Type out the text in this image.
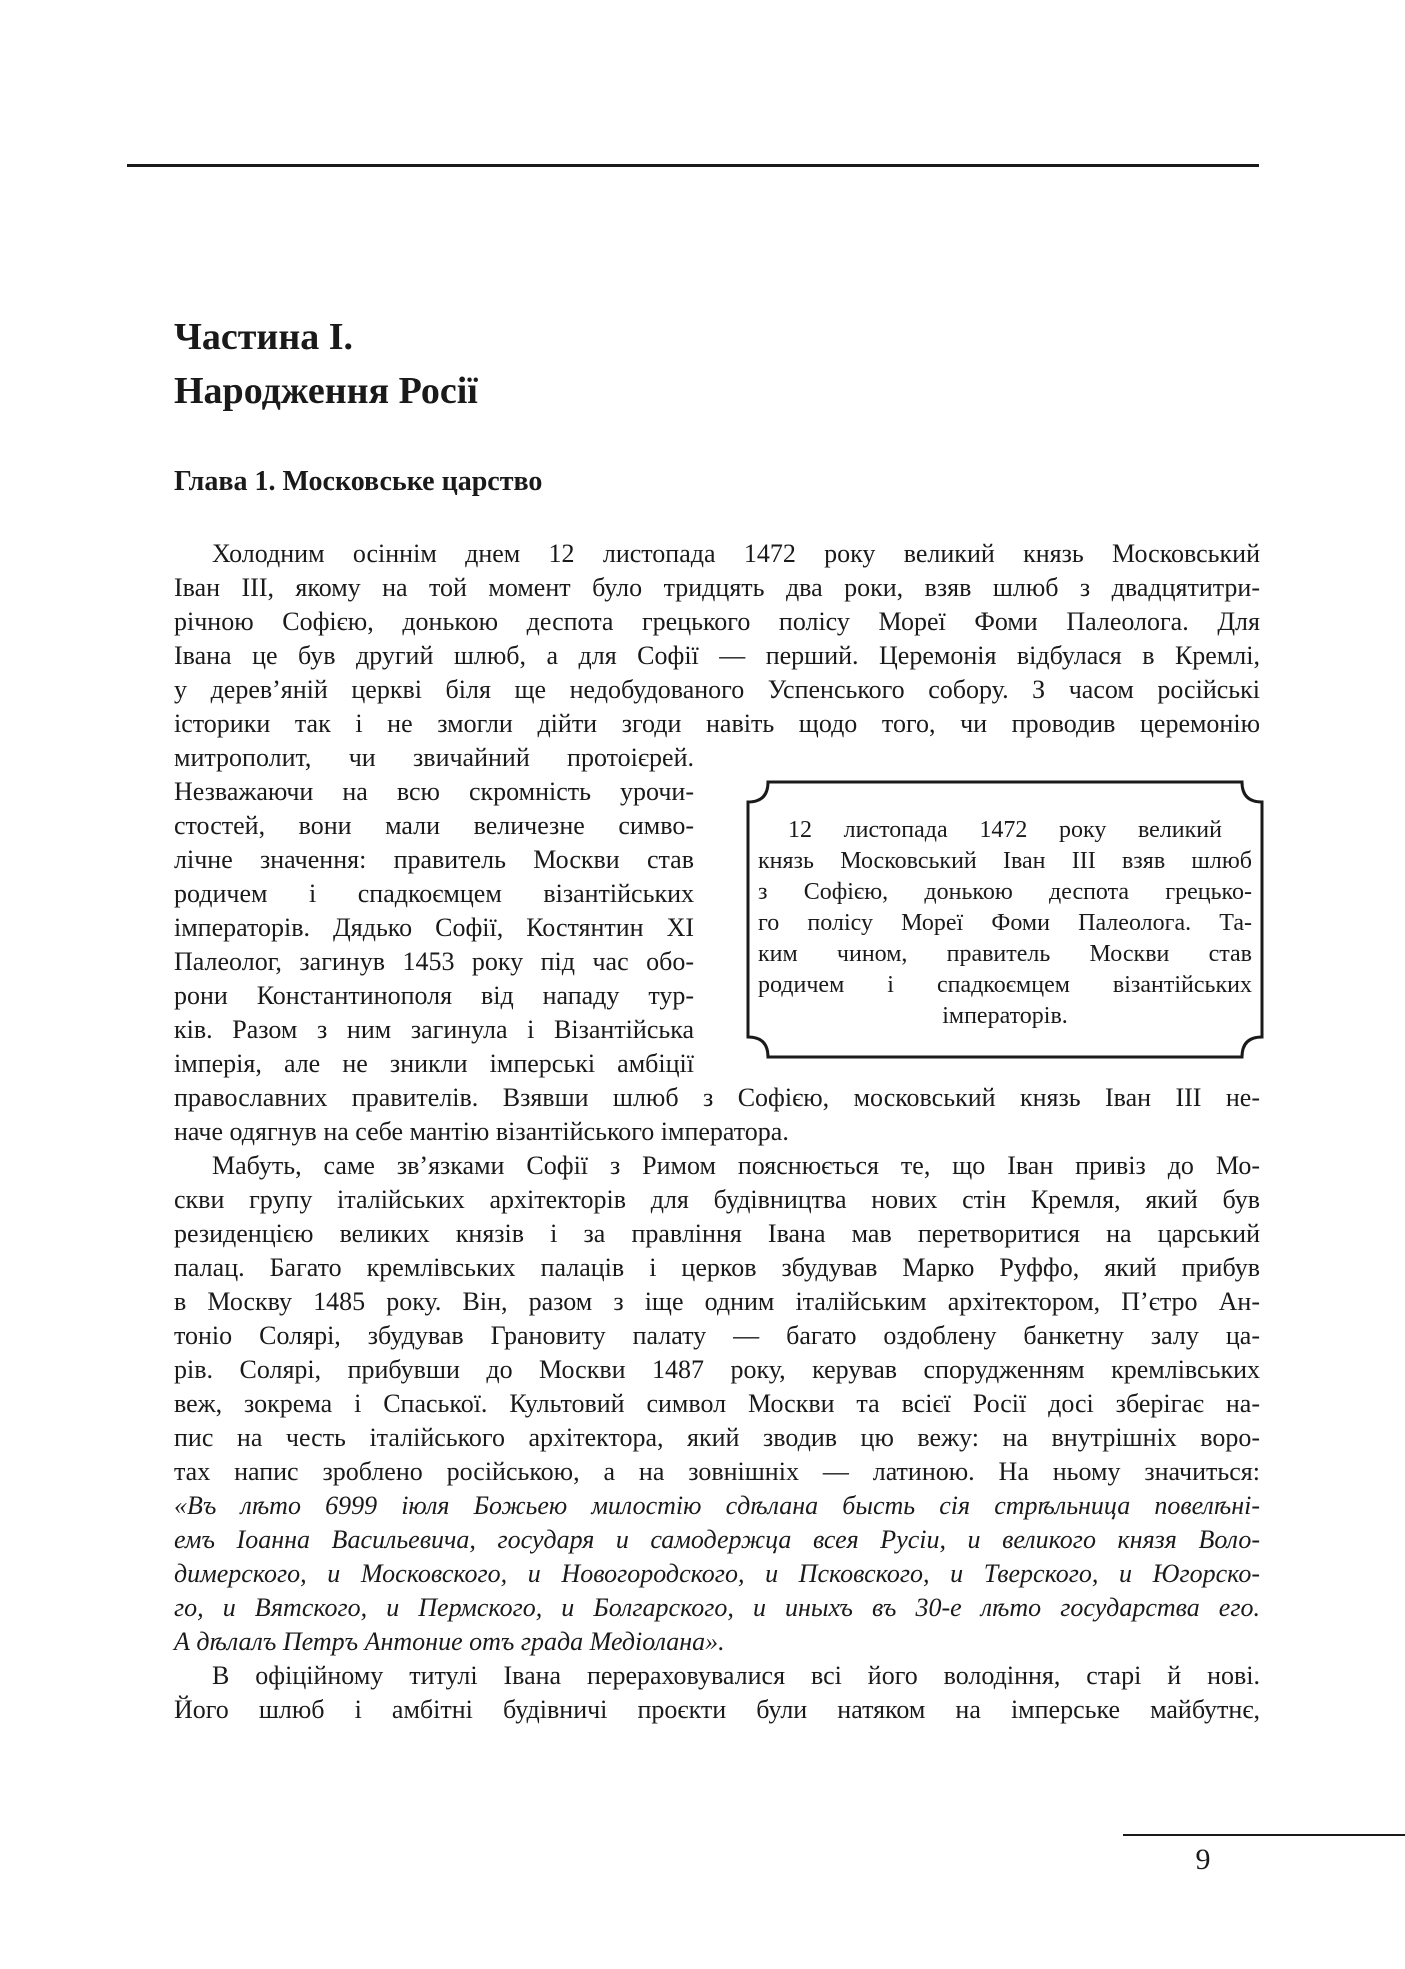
Частина І.
Народження Росії
Глава 1. Московське царство
Холодним осіннім днем 12 листопада 1472 року великий князь Московський
Іван ІІІ, якому на той момент було тридцять два роки, взяв шлюб з двадцятитри-
річною Софією, донькою деспота грецького полісу Мореї Фоми Палеолога. Для
Івана це був другий шлюб, а для Софії — перший. Церемонія відбулася в Кремлі,
у дерев’яній церкві біля ще недобудованого Успенського собору. З часом російські
історики так і не змогли дійти згоди навіть щодо того, чи проводив церемонію
митрополит, чи звичайний протоієрей.
Незважаючи на всю скромність урочи-
стостей, вони мали величезне симво-
лічне значення: правитель Москви став
родичем і спадкоємцем візантійських
імператорів. Дядько Софії, Костянтин ХІ
Палеолог, загинув 1453 року під час обо-
рони Константинополя від нападу тур-
ків. Разом з ним загинула і Візантійська
імперія, але не зникли імперські амбіції
12 листопада 1472 року великий
князь Московський Іван ІІІ взяв шлюб
з Софією, донькою деспота грецько-
го полісу Мореї Фоми Палеолога. Та-
ким чином, правитель Москви став
родичем і спадкоємцем візантійських
імператорів.
православних правителів. Взявши шлюб з Софією, московський князь Іван ІІІ не-
наче одягнув на себе мантію візантійського імператора.
Мабуть, саме зв’язками Софії з Римом пояснюється те, що Іван привіз до Мо-
скви групу італійських архітекторів для будівництва нових стін Кремля, який був
резиденцією великих князів і за правління Івана мав перетворитися на царський
палац. Багато кремлівських палаців і церков збудував Марко Руффо, який прибув
в Москву 1485 року. Він, разом з іще одним італійським архітектором, П’єтро Ан-
тоніо Солярі, збудував Грановиту палату — багато оздоблену банкетну залу ца-
рів. Солярі, прибувши до Москви 1487 року, керував спорудженням кремлівських
веж, зокрема і Спаської. Культовий символ Москви та всієї Росії досі зберігає на-
пис на честь італійського архітектора, який зводив цю вежу: на внутрішніх воро-
тах напис зроблено російською, а на зовнішніх — латиною. На ньому значиться:
«Въ лѣто 6999 іюля Божьею милостію сдѣлана бысть сія стрѣльница повелѣні-
емъ Іоанна Васильевича, государя и самодержца всея Русіи, и великого князя Воло-
димерского, и Московского, и Новогородского, и Псковского, и Тверского, и Югорско-
го, и Вятского, и Пермского, и Болгарского, и иныхъ въ 30-е лѣто государства его.
А дѣлалъ Петръ Антоние отъ града Медіолана».
В офіційному титулі Івана перераховувалися всі його володіння, старі й нові.
Його шлюб і амбітні будівничі проєкти були натяком на імперське майбутнє,
9
